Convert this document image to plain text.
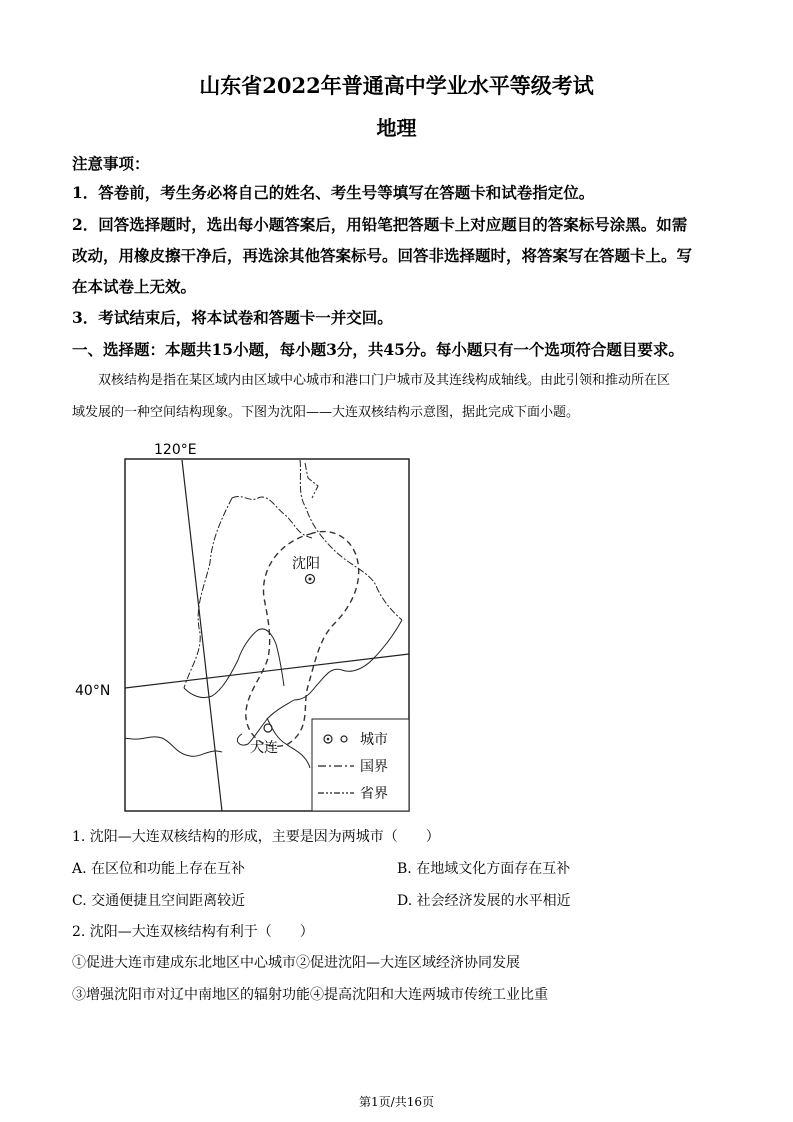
山东省2022年普通高中学业水平等级考试
地理
注意事项：
1．答卷前，考生务必将自己的姓名、考生号等填写在答题卡和试卷指定位。
2．回答选择题时，选出每小题答案后，用铅笔把答题卡上对应题目的答案标号涂黑。如需
改动，用橡皮擦干净后，再选涂其他答案标号。回答非选择题时，将答案写在答题卡上。写
在本试卷上无效。
3．考试结束后，将本试卷和答题卡一并交回。
一、选择题：本题共15小题，每小题3分，共45分。每小题只有一个选项符合题目要求。
双核结构是指在某区域内由区域中心城市和港口门户城市及其连线构成轴线。由此引领和推动所在区
域发展的一种空间结构现象。下图为沈阳——大连双核结构示意图，据此完成下面小题。
沈阳
大连
120°E
40°N
城市
国界
省界
1. 沈阳—大连双核结构的形成，主要是因为两城市（　　）
A. 在区位和功能上存在互补	B. 在地域文化方面存在互补
C. 交通便捷且空间距离较近	D. 社会经济发展的水平相近
2. 沈阳—大连双核结构有利于（　　）
①促进大连市建成东北地区中心城市②促进沈阳—大连区域经济协同发展
③增强沈阳市对辽中南地区的辐射功能④提高沈阳和大连两城市传统工业比重
第1页/共16页
